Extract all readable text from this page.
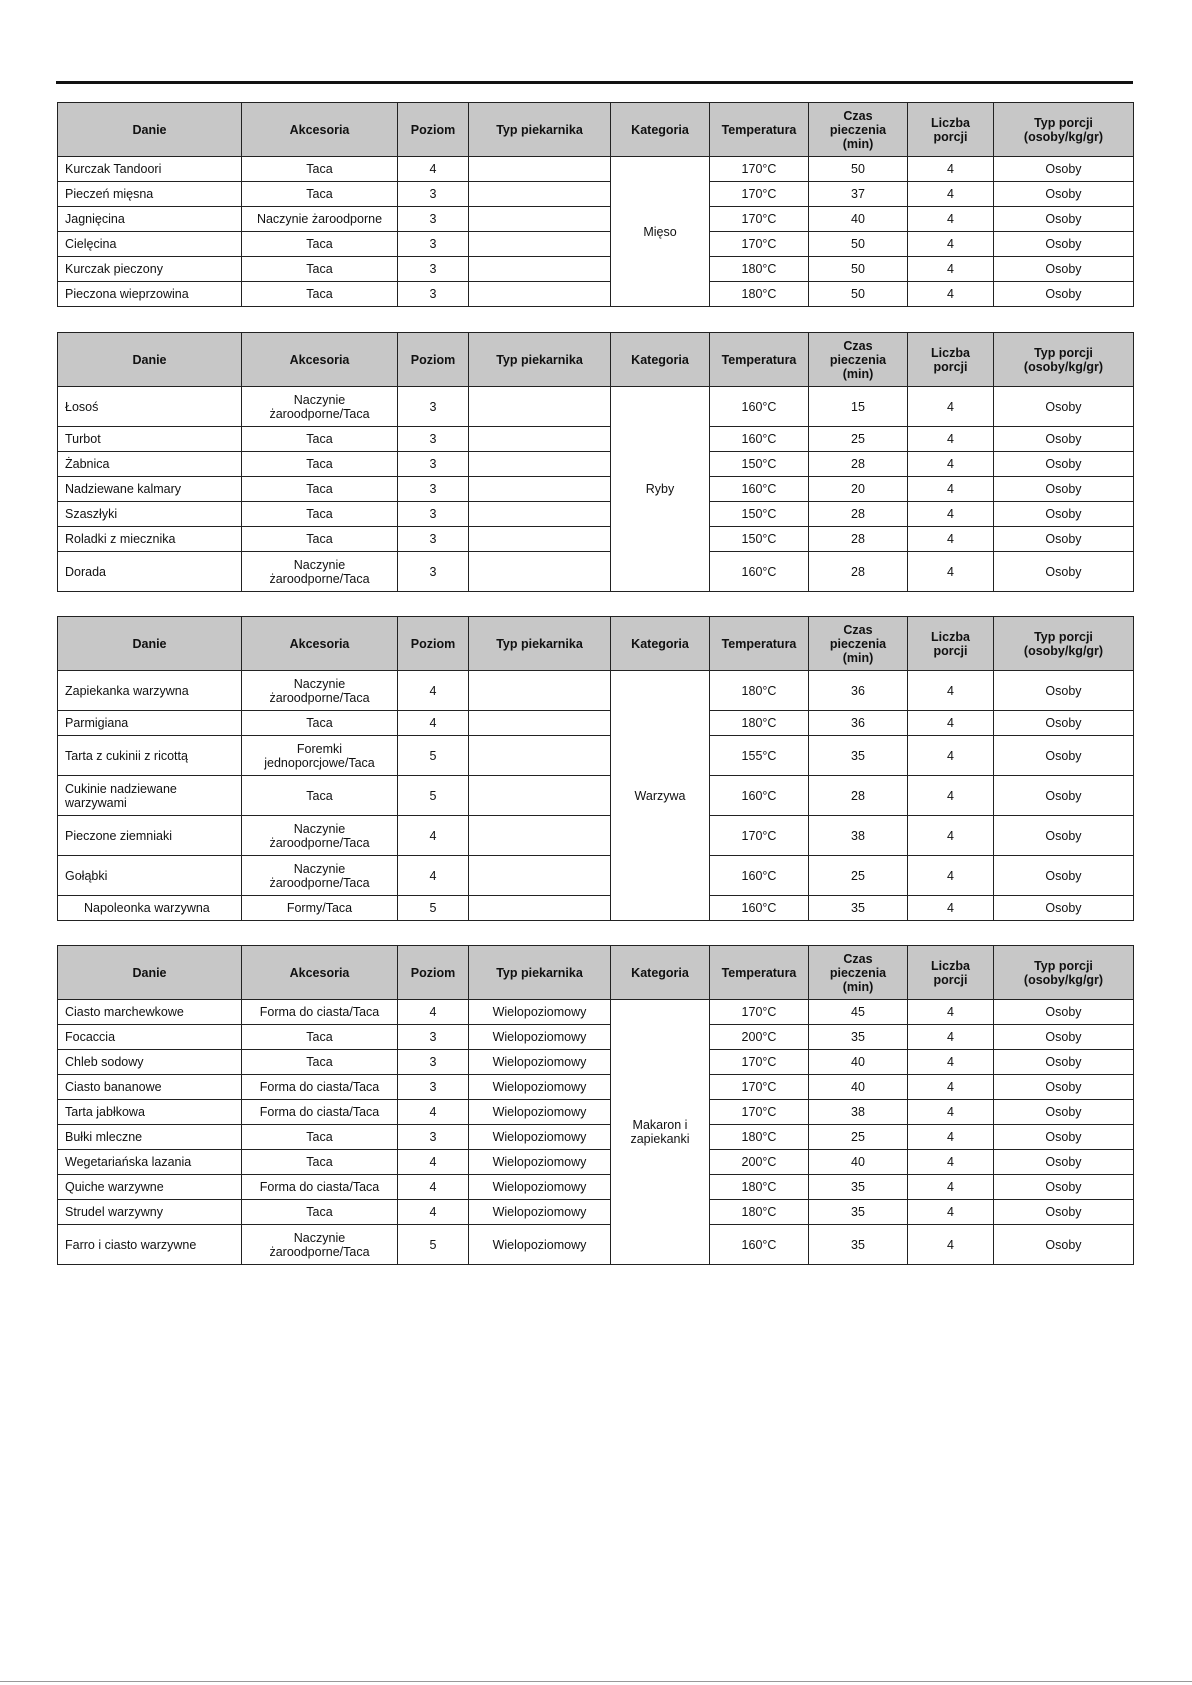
Danie	Akcesoria	Poziom	Typ piekarnika	Kategoria	Temperatura	Czas
pieczenia
(min)	Liczba
porcji	Typ porcji
(osoby/kg/gr)
Kurczak Tandoori	Taca	4		Mięso	170°C	50	4	Osoby
Pieczeń mięsna	Taca	3			170°C	37	4	Osoby
Jagnięcina	Naczynie żaroodporne	3			170°C	40	4	Osoby
Cielęcina	Taca	3			170°C	50	4	Osoby
Kurczak pieczony	Taca	3			180°C	50	4	Osoby
Pieczona wieprzowina	Taca	3			180°C	50	4	Osoby
Danie	Akcesoria	Poziom	Typ piekarnika	Kategoria	Temperatura	Czas
pieczenia
(min)	Liczba
porcji	Typ porcji
(osoby/kg/gr)
Łosoś	Naczynie
żaroodporne/Taca	3		Ryby	160°C	15	4	Osoby
Turbot	Taca	3			160°C	25	4	Osoby
Żabnica	Taca	3			150°C	28	4	Osoby
Nadziewane kalmary	Taca	3			160°C	20	4	Osoby
Szaszłyki	Taca	3			150°C	28	4	Osoby
Roladki z miecznika	Taca	3			150°C	28	4	Osoby
Dorada	Naczynie
żaroodporne/Taca	3			160°C	28	4	Osoby
Danie	Akcesoria	Poziom	Typ piekarnika	Kategoria	Temperatura	Czas
pieczenia
(min)	Liczba
porcji	Typ porcji
(osoby/kg/gr)
Zapiekanka warzywna	Naczynie
żaroodporne/Taca	4		Warzywa	180°C	36	4	Osoby
Parmigiana	Taca	4			180°C	36	4	Osoby
Tarta z cukinii z ricottą	Foremki
jednoporcjowe/Taca	5			155°C	35	4	Osoby
Cukinie nadziewane
warzywami	Taca	5			160°C	28	4	Osoby
Pieczone ziemniaki	Naczynie
żaroodporne/Taca	4			170°C	38	4	Osoby
Gołąbki	Naczynie
żaroodporne/Taca	4			160°C	25	4	Osoby
Napoleonka warzywna	Formy/Taca	5			160°C	35	4	Osoby
Danie	Akcesoria	Poziom	Typ piekarnika	Kategoria	Temperatura	Czas
pieczenia
(min)	Liczba
porcji	Typ porcji
(osoby/kg/gr)
Ciasto marchewkowe	Forma do ciasta/Taca	4	Wielopoziomowy	Makaron i
zapiekanki	170°C	45	4	Osoby
Focaccia	Taca	3	Wielopoziomowy		200°C	35	4	Osoby
Chleb sodowy	Taca	3	Wielopoziomowy		170°C	40	4	Osoby
Ciasto bananowe	Forma do ciasta/Taca	3	Wielopoziomowy		170°C	40	4	Osoby
Tarta jabłkowa	Forma do ciasta/Taca	4	Wielopoziomowy		170°C	38	4	Osoby
Bułki mleczne	Taca	3	Wielopoziomowy		180°C	25	4	Osoby
Wegetariańska lazania	Taca	4	Wielopoziomowy		200°C	40	4	Osoby
Quiche warzywne	Forma do ciasta/Taca	4	Wielopoziomowy		180°C	35	4	Osoby
Strudel warzywny	Taca	4	Wielopoziomowy		180°C	35	4	Osoby
Farro i ciasto warzywne	Naczynie
żaroodporne/Taca	5	Wielopoziomowy		160°C	35	4	Osoby
